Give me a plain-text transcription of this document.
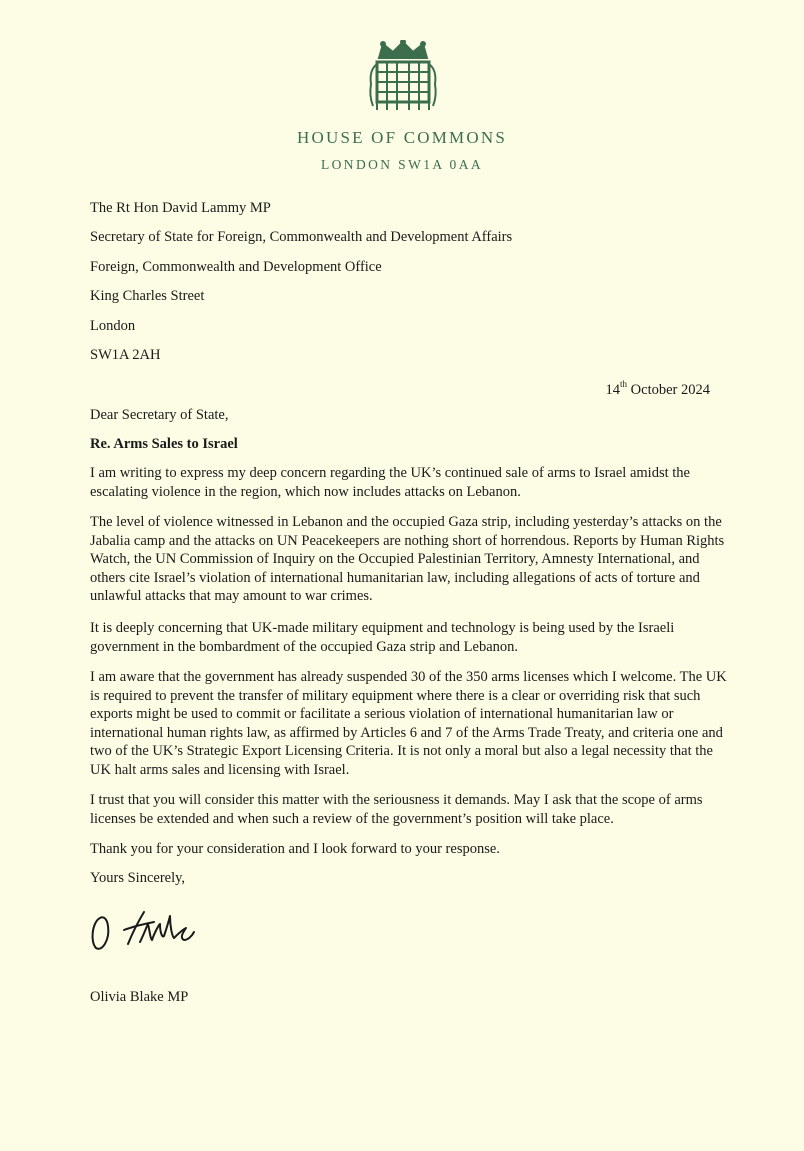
HOUSE OF COMMONS
LONDON SW1A 0AA
The Rt Hon David Lammy MP
Secretary of State for Foreign, Commonwealth and Development Affairs
Foreign, Commonwealth and Development Office
King Charles Street
London
SW1A 2AH
14th October 2024

Dear Secretary of State,

Re. Arms Sales to Israel

I am writing to express my deep concern regarding the UK’s continued sale of arms to Israel amidst the escalating violence in the region, which now includes attacks on Lebanon.

The level of violence witnessed in Lebanon and the occupied Gaza strip, including yesterday’s attacks on the Jabalia camp and the attacks on UN Peacekeepers are nothing short of horrendous. Reports by Human Rights Watch, the UN Commission of Inquiry on the Occupied Palestinian Territory, Amnesty International, and others cite Israel’s violation of international humanitarian law, including allegations of acts of torture and unlawful attacks that may amount to war crimes.

It is deeply concerning that UK-made military equipment and technology is being used by the Israeli government in the bombardment of the occupied Gaza strip and Lebanon.

I am aware that the government has already suspended 30 of the 350 arms licenses which I welcome. The UK is required to prevent the transfer of military equipment where there is a clear or overriding risk that such exports might be used to commit or facilitate a serious violation of international humanitarian law or international human rights law, as affirmed by Articles 6 and 7 of the Arms Trade Treaty, and criteria one and two of the UK’s Strategic Export Licensing Criteria. It is not only a moral but also a legal necessity that the UK halt arms sales and licensing with Israel.

I trust that you will consider this matter with the seriousness it demands. May I ask that the scope of arms licenses be extended and when such a review of the government’s position will take place.

Thank you for your consideration and I look forward to your response.

Yours Sincerely,

Olivia Blake MP
